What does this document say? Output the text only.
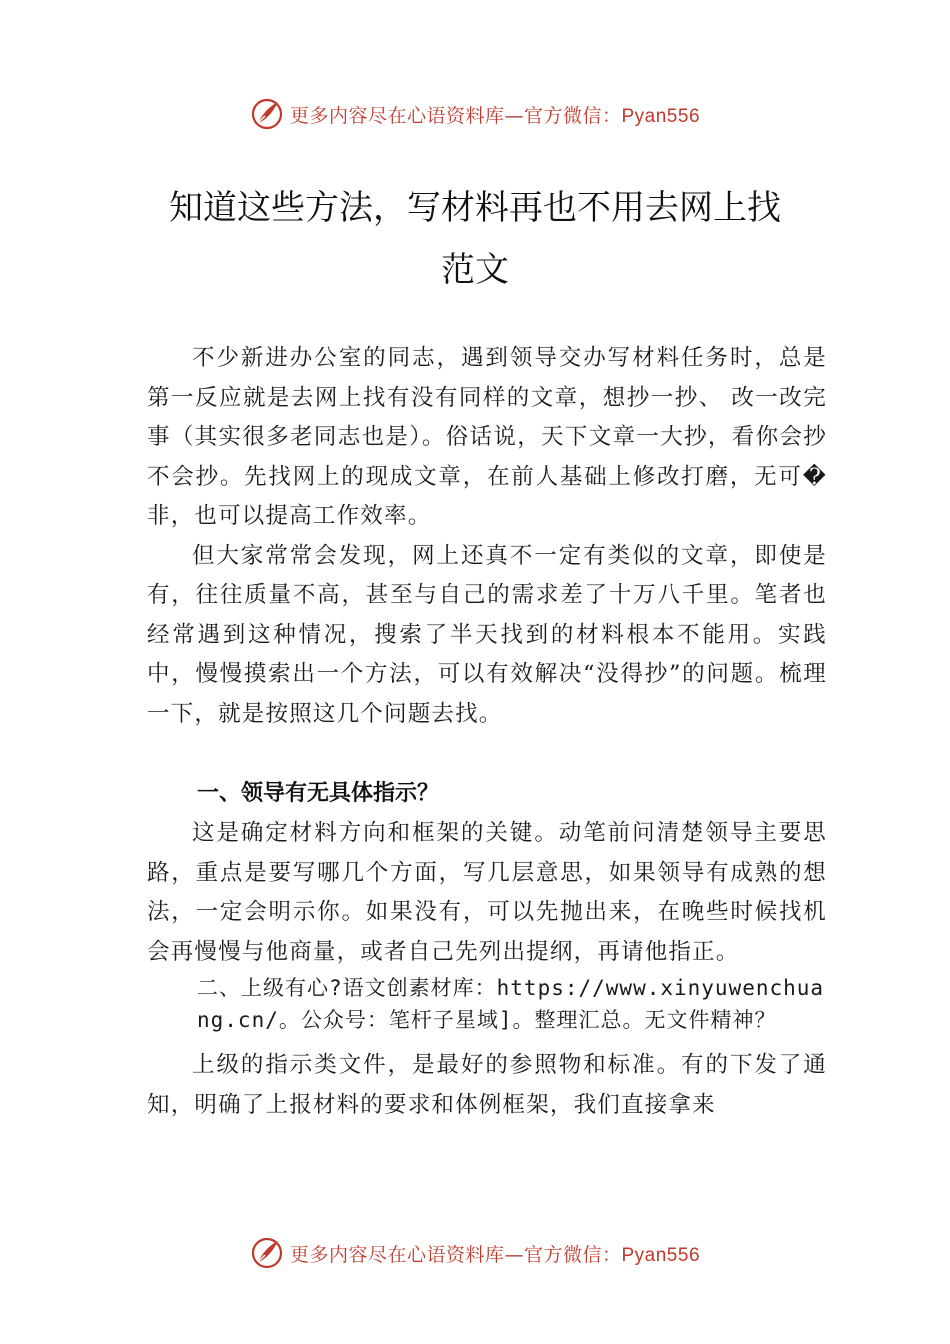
更多内容尽在心语资料库—官方微信：Pyan556
知道这些方法，写材料再也不用去网上找
范文

不少新进办公室的同志，遇到领导交办写材料任务时，总是第一反应就是去网上找有没有同样的文章，想抄一抄、 改一改完事（其实很多老同志也是）。俗话说，天下文章一大抄，看你会抄不会抄。先找网上的现成文章，在前人基础上修改打磨，无可�非，也可以提高工作效率。

但大家常常会发现，网上还真不一定有类似的文章，即使是有，往往质量不高，甚至与自己的需求差了十万八千里。笔者也经常遇到这种情况，搜索了半天找到的材料根本不能用。实践中，慢慢摸索出一个方法，可以有效解决“没得抄”的问题。梳理一下，就是按照这几个问题去找。

一、领导有无具体指示？

这是确定材料方向和框架的关键。动笔前问清楚领导主要思路，重点是要写哪几个方面，写几层意思，如果领导有成熟的想法，一定会明示你。如果没有，可以先抛出来，在晚些时候找机会再慢慢与他商量，或者自己先列出提纲，再请他指正。

二、上级有心?语文创素材库：https://www.xinyuwenchuang.cn/。公众号：笔杆子星域]。整理汇总。无文件精神？

上级的指示类文件，是最好的参照物和标准。有的下发了通知，明确了上报材料的要求和体例框架，我们直接拿来

更多内容尽在心语资料库—官方微信：Pyan556
